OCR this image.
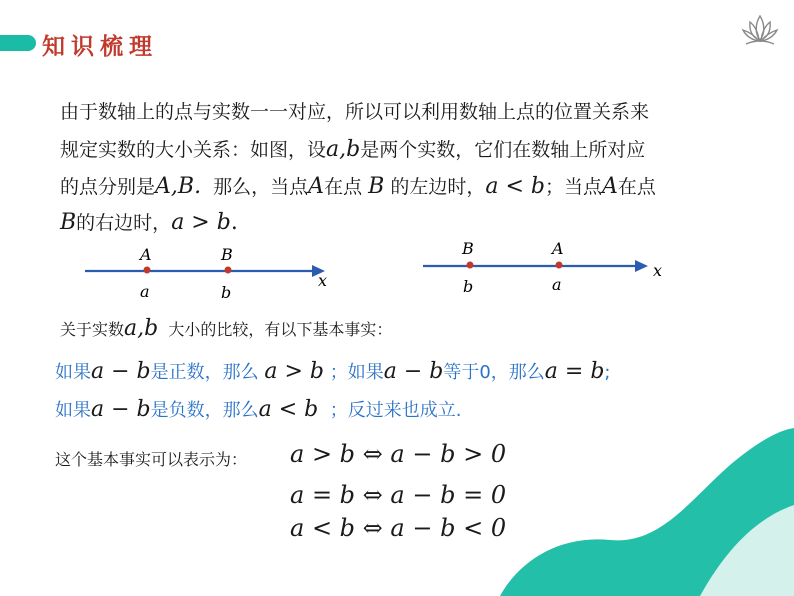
知识梳理
由于数轴上的点与实数一一对应，所以可以利用数轴上点的位置关系来
规定实数的大小关系：如图，设a,b是两个实数，它们在数轴上所对应
的点分别是A,B. 那么，当点A在点 B 的左边时，a < b；当点A在点
B的右边时，a > b.
A	B
a	b
x
B	A
b	a
x
关于实数a,b 大小的比较，有以下基本事实：
如果a − b是正数，那么 a > b ；如果a − b等于0，那么a = b;
如果a − b是负数，那么a < b ；反过来也成立.
这个基本事实可以表示为： a > b ⇔ a − b > 0
a = b ⇔ a − b = 0
a < b ⇔ a − b < 0
